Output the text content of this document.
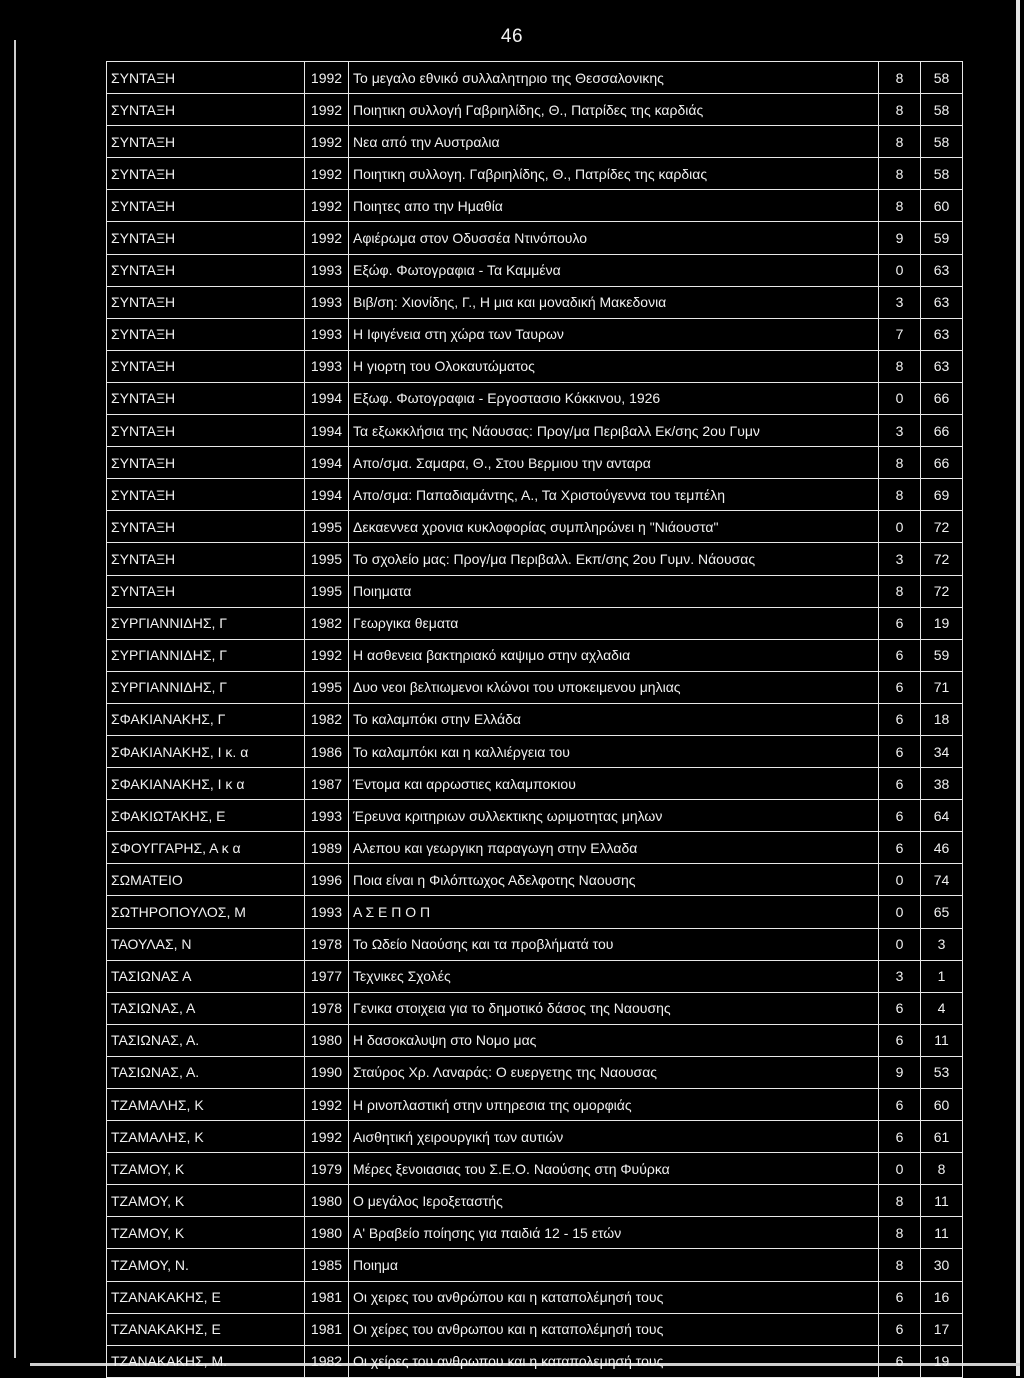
46
ΣΥΝΤΑΞΗ	1992	Το μεγαλο εθνικό συλλαλητηριο της Θεσσαλονικης	8	58
ΣΥΝΤΑΞΗ	1992	Ποιητικη συλλογή Γαβριηλίδης, Θ., Πατρίδες της καρδιάς	8	58
ΣΥΝΤΑΞΗ	1992	Νεα από την Αυστραλια	8	58
ΣΥΝΤΑΞΗ	1992	Ποιητικη συλλογη. Γαβριηλίδης, Θ., Πατρίδες της καρδιας	8	58
ΣΥΝΤΑΞΗ	1992	Ποιητες απο την Ημαθία	8	60
ΣΥΝΤΑΞΗ	1992	Αφιέρωμα στον Οδυσσέα Ντινόπουλο	9	59
ΣΥΝΤΑΞΗ	1993	Εξώφ. Φωτογραφια - Τα Καμμένα	0	63
ΣΥΝΤΑΞΗ	1993	Βιβ/ση: Χιονίδης, Γ., Η μια και μοναδική Μακεδονια	3	63
ΣΥΝΤΑΞΗ	1993	Η Ιφιγένεια στη χώρα των Ταυρων	7	63
ΣΥΝΤΑΞΗ	1993	Η γιορτη του Ολοκαυτώματος	8	63
ΣΥΝΤΑΞΗ	1994	Εξωφ. Φωτογραφια - Εργοστασιο Κόκκινου, 1926	0	66
ΣΥΝΤΑΞΗ	1994	Τα εξωκκλήσια της Νάουσας: Προγ/μα Περιβαλλ Εκ/σης 2ου Γυμν	3	66
ΣΥΝΤΑΞΗ	1994	Απο/σμα. Σαμαρα, Θ., Στου Βερμιου την ανταρα	8	66
ΣΥΝΤΑΞΗ	1994	Απο/σμα: Παπαδιαμάντης, Α., Τα Χριστούγεννα του τεμπέλη	8	69
ΣΥΝΤΑΞΗ	1995	Δεκαεννεα χρονια κυκλοφορίας συμπληρώνει η "Νιάουστα"	0	72
ΣΥΝΤΑΞΗ	1995	Το σχολείο μας: Προγ/μα Περιβαλλ. Εκπ/σης 2ου Γυμν. Νάουσας	3	72
ΣΥΝΤΑΞΗ	1995	Ποιηματα	8	72
ΣΥΡΓΙΑΝΝΙΔΗΣ, Γ	1982	Γεωργικα θεματα	6	19
ΣΥΡΓΙΑΝΝΙΔΗΣ, Γ	1992	Η ασθενεια βακτηριακό καψιμο στην αχλαδια	6	59
ΣΥΡΓΙΑΝΝΙΔΗΣ, Γ	1995	Δυο νεοι βελτιωμενοι κλώνοι του υποκειμενου μηλιας	6	71
ΣΦΑΚΙΑΝΑΚΗΣ, Γ	1982	Το καλαμπόκι στην Ελλάδα	6	18
ΣΦΑΚΙΑΝΑΚΗΣ, Ι κ. α	1986	Το καλαμπόκι και η καλλιέργεια του	6	34
ΣΦΑΚΙΑΝΑΚΗΣ, Ι κ α	1987	Έντομα και αρρωστιες καλαμποκιου	6	38
ΣΦΑΚΙΩΤΑΚΗΣ, Ε	1993	Έρευνα κριτηριων συλλεκτικης ωριμοτητας μηλων	6	64
ΣΦΟΥΓΓΑΡΗΣ, Α κ α	1989	Αλεπου και γεωργικη παραγωγη στην Ελλαδα	6	46
ΣΩΜΑΤΕΙΟ	1996	Ποια είναι η Φιλόπτωχος Αδελφοτης Ναουσης	0	74
ΣΩΤΗΡΟΠΟΥΛΟΣ, Μ	1993	Α Σ Ε Π Ο Π	0	65
ΤΑΟΥΛΑΣ, Ν	1978	Το Ωδείο Ναούσης και τα προβλήματά του	0	3
ΤΑΣΙΩΝΑΣ Α	1977	Τεχνικες Σχολές	3	1
ΤΑΣΙΩΝΑΣ, Α	1978	Γενικα στοιχεια για το δημοτικό δάσος της Ναουσης	6	4
ΤΑΣΙΩΝΑΣ, Α.	1980	Η δασοκαλυψη στο Νομο μας	6	11
ΤΑΣΙΩΝΑΣ, Α.	1990	Σταύρος Χρ. Λαναράς: Ο ευεργετης της Ναουσας	9	53
ΤΖΑΜΑΛΗΣ, Κ	1992	Η ρινοπλαστική στην υπηρεσια της ομορφιάς	6	60
ΤΖΑΜΑΛΗΣ, Κ	1992	Αισθητική χειρουργική των αυτιών	6	61
ΤΖΑΜΟΥ, Κ	1979	Μέρες ξενοιασιας του Σ.Ε.Ο. Ναούσης στη Φυύρκα	0	8
ΤΖΑΜΟΥ, Κ	1980	Ο μεγάλος Ιεροξεταστής	8	11
ΤΖΑΜΟΥ, Κ	1980	Α' Βραβείο ποίησης για παιδιά 12 - 15 ετών	8	11
ΤΖΑΜΟΥ, Ν.	1985	Ποιημα	8	30
ΤΖΑΝΑΚΑΚΗΣ, Ε	1981	Οι χειρες του ανθρώπου και η καταπολέμησή τους	6	16
ΤΖΑΝΑΚΑΚΗΣ, Ε	1981	Οι χείρες του ανθρωπου και η καταπολέμησή τους	6	17
ΤΖΑΝΑΚΑΚΗΣ, Μ.	1982	Οι χείρες του ανθρωπου και η καταπολεμησή τους	6	19
